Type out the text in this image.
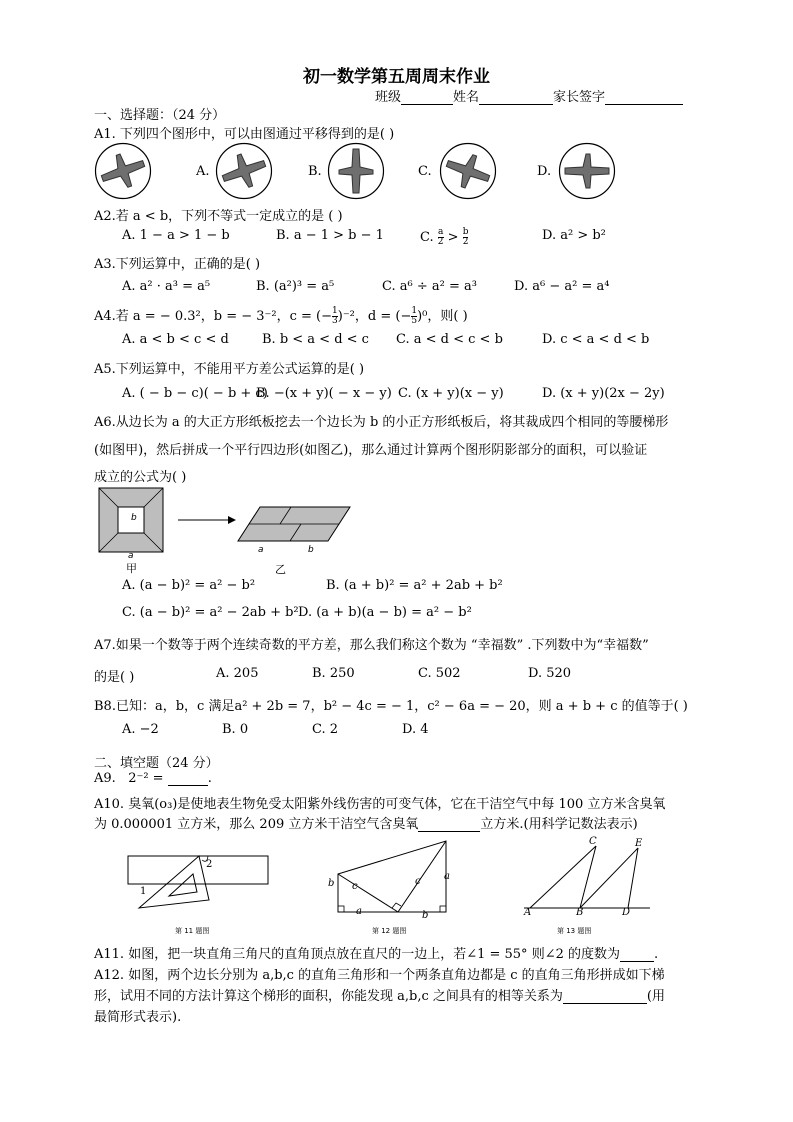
初一数学第五周周末作业
班级	姓名	家长签字
一、选择题：（24 分）
A1. 下列四个图形中，可以由图通过平移得到的是( )
A.	B.	C.	D.
A2.若 a < b，下列不等式一定成立的是 ( )
A. 1 − a > 1 − b	B. a − 1 > b − 1	C. $\frac{a}{2} > \frac{b}{2}$	D. a² > b²
A3.下列运算中，正确的是( )
A. a² · a³ = a⁵	B. (a²)³ = a⁵	C. a⁶ ÷ a² = a³	D. a⁶ − a² = a⁴
A4.若 a = − 0.3²，b = − 3⁻²，c = (− $\frac{1}{3} )^{-2}$，d = (− $\frac{1}{5} )^0$，则( )
A. a < b < c < d	B. b < a < d < c C. a < d < c < b	D. c < a < d < b
A5.下列运算中，不能用平方差公式运算的是( )
A. ( − b − c)( − b + c)
B. −(x + y)( − x − y) C. (x + y)(x − y)	D. (x + y)(2x − 2y)
A6.从边长为 a 的大正方形纸板挖去一个边长为 b 的小正方形纸板后，将其裁成四个相同的等腰梯形
(如图甲)，然后拼成一个平行四边形(如图乙)，那么通过计算两个图形阴影部分的面积，可以验证
成立的公式为( )
b
a
甲
a	b
乙
A. (a − b)² = a² − b²	B. (a + b)² = a² + 2ab + b²
C. (a − b)² = a² − 2ab + b² D. (a + b)(a − b) = a² − b²
A7.如果一个数等于两个连续奇数的平方差，那么我们称这个数为 “幸福数” .下列数中为“幸福数”
的是( )	A. 205	B. 250	C. 502	D. 520
B8.已知：a，b，c 满足a² + 2b = 7，b² − 4c = − 1，c² − 6a = − 20，则 a + b + c 的值等于( )
A. −2	B. 0	C. 2	D. 4
二、填空题（24 分）
A9. 2⁻² =	.
A10. 臭氧(o₃)是使地表生物免受太阳紫外线伤害的可变气体，它在干洁空气中每 100 立方米含臭氧
为 0.000001 立方米，那么 209 立方米干洁空气含臭氧	立方米.(用科学记数法表示)
1
2
第 11 题图
b c	c a
a	b
第 12 题图
A	B
C
D
E
第 13 题图
A11. 如图，把一块直角三角尺的直角顶点放在直尺的一边上，若∠1 = 55° 则∠2 的度数为	.
A12. 如图，两个边长分别为 a,b,c 的直角三角形和一个两条直角边都是 c 的直角三角形拼成如下梯
形，试用不同的方法计算这个梯形的面积，你能发现 a,b,c 之间具有的相等关系为	(用
最简形式表示).
